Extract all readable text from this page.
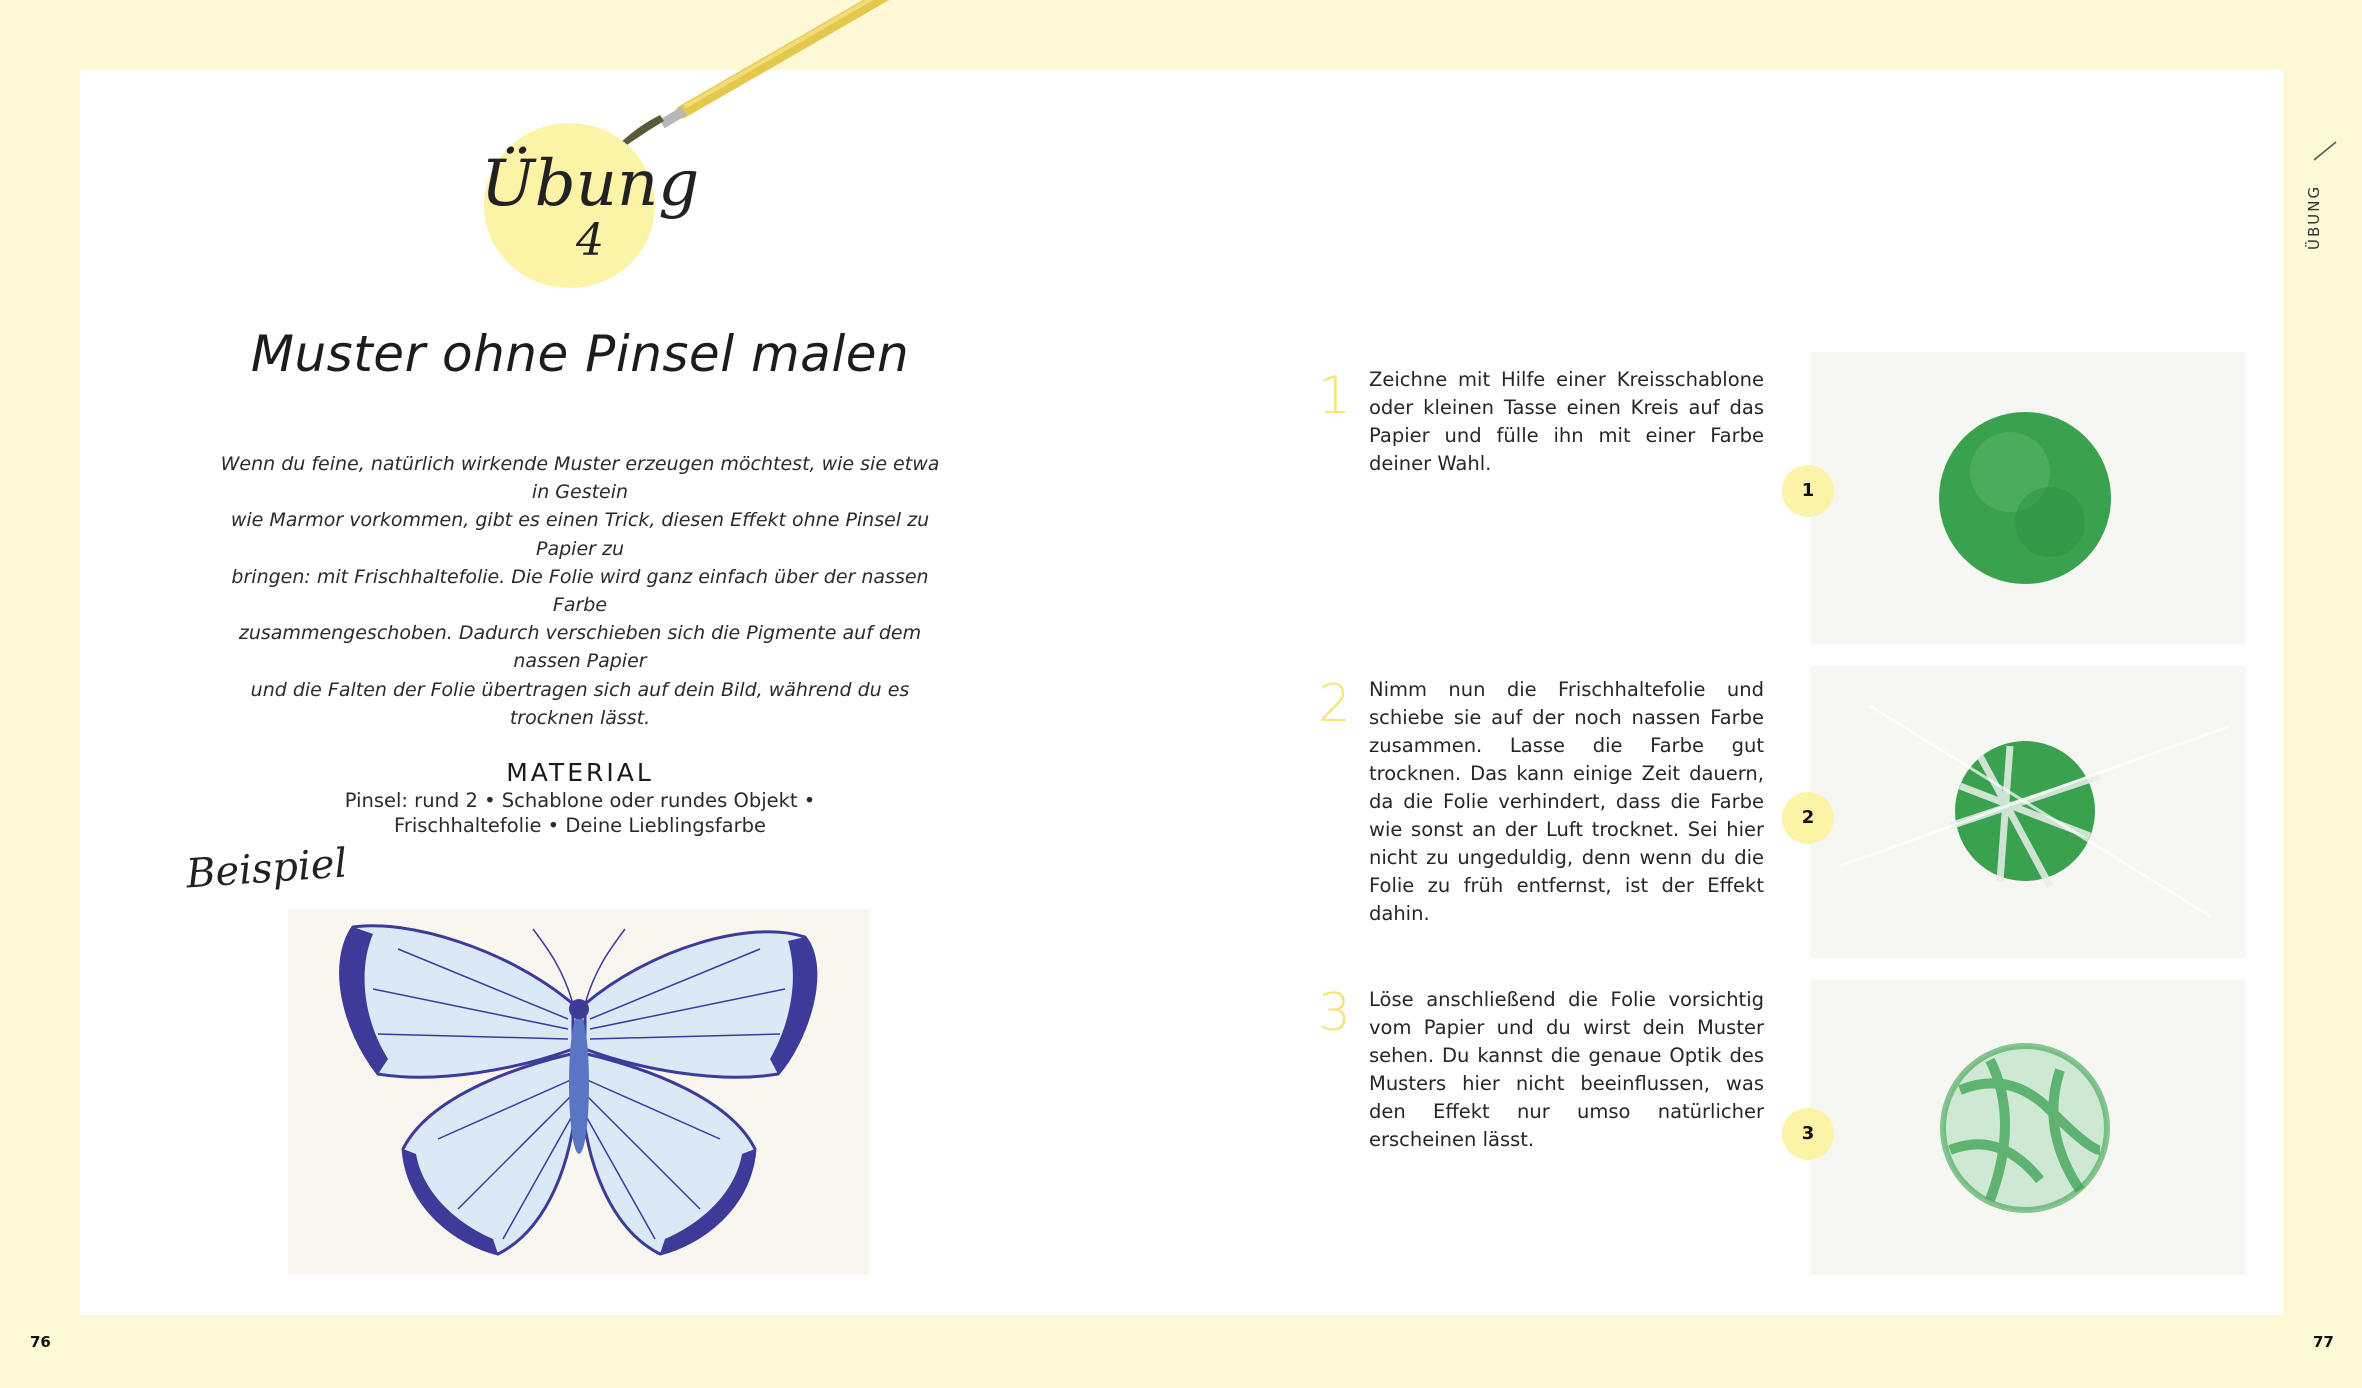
Übung
4
Muster ohne Pinsel malen
Wenn du feine, natürlich wirkende Muster erzeugen möchtest, wie sie etwa in Gestein
wie Marmor vorkommen, gibt es einen Trick, diesen Effekt ohne Pinsel zu Papier zu
bringen: mit Frischhaltefolie. Die Folie wird ganz einfach über der nassen Farbe
zusammengeschoben. Dadurch verschieben sich die Pigmente auf dem nassen Papier
und die Falten der Folie übertragen sich auf dein Bild, während du es trocknen lässt.
MATERIAL
Pinsel: rund 2 • Schablone oder rundes Objekt •
Frischhaltefolie • Deine Lieblingsfarbe
Beispiel
76
ÜBUNG
1 Zeichne mit Hilfe einer Kreisschablone oder kleinen Tasse einen Kreis auf das Papier und fülle ihn mit einer Farbe deiner Wahl.
1
2 Nimm nun die Frischhaltefolie und schiebe sie auf der noch nassen Farbe zusammen. Lasse die Farbe gut trocknen. Das kann einige Zeit dauern, da die Folie verhindert, dass die Farbe wie sonst an der Luft trocknet. Sei hier nicht zu ungeduldig, denn wenn du die Folie zu früh entfernst, ist der Effekt dahin.
2
3 Löse anschließend die Folie vorsichtig vom Papier und du wirst dein Muster sehen. Du kannst die genaue Optik des Musters hier nicht beeinflussen, was den Effekt nur umso natürlicher erscheinen lässt.	3
77
